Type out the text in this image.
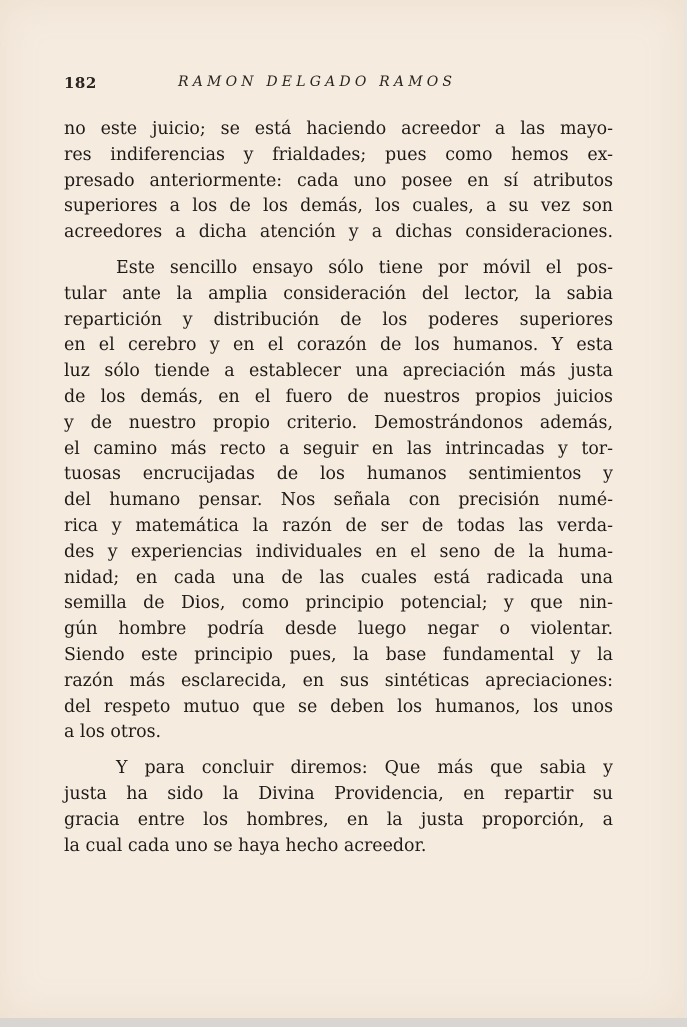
182	RAMON DELGADO RAMOS
no este juicio; se está haciendo acreedor a las mayo-
res indiferencias y frialdades; pues como hemos ex-
presado anteriormente: cada uno posee en sí atributos
superiores a los de los demás, los cuales, a su vez son
acreedores a dicha atención y a dichas consideraciones.
Este sencillo ensayo sólo tiene por móvil el pos-
tular ante la amplia consideración del lector, la sabia
repartición y distribución de los poderes superiores
en el cerebro y en el corazón de los humanos. Y esta
luz sólo tiende a establecer una apreciación más justa
de los demás, en el fuero de nuestros propios juicios
y de nuestro propio criterio. Demostrándonos además,
el camino más recto a seguir en las intrincadas y tor-
tuosas encrucijadas de los humanos sentimientos y
del humano pensar. Nos señala con precisión numé-
rica y matemática la razón de ser de todas las verda-
des y experiencias individuales en el seno de la huma-
nidad; en cada una de las cuales está radicada una
semilla de Dios, como principio potencial; y que nin-
gún hombre podría desde luego negar o violentar.
Siendo este principio pues, la base fundamental y la
razón más esclarecida, en sus sintéticas apreciaciones:
del respeto mutuo que se deben los humanos, los unos
a los otros.
Y para concluir diremos: Que más que sabia y
justa ha sido la Divina Providencia, en repartir su
gracia entre los hombres, en la justa proporción, a
la cual cada uno se haya hecho acreedor.
